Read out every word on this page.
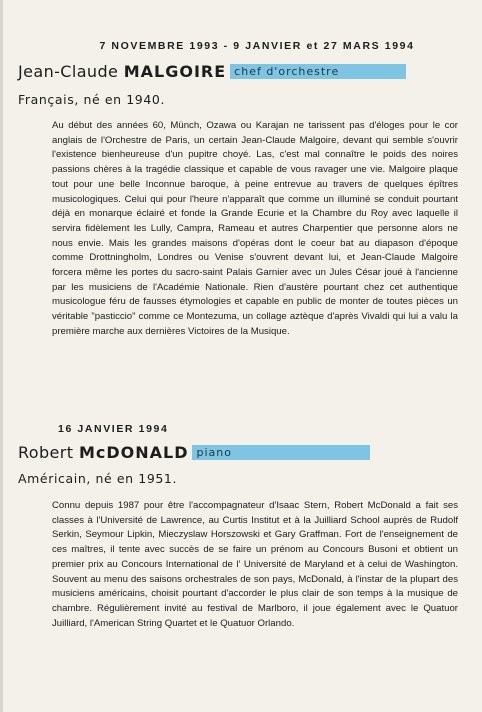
7 NOVEMBRE 1993 - 9 JANVIER et 27 MARS 1994
Jean-Claude MALGOIRE chef d'orchestre
Français, né en 1940.
Au début des années 60, Münch, Ozawa ou Karajan ne tarissent pas d'éloges pour le cor anglais de l'Orchestre de Paris, un certain Jean-Claude Malgoire, devant qui semble s'ouvrir l'existence bienheureuse d'un pupitre choyé. Las, c'est mal connaître le poids des noires passions chères à la tragédie classique et capable de vous ravager une vie. Malgoire plaque tout pour une belle Inconnue baroque, à peine entrevue au travers de quelques épîtres musicologiques. Celui qui pour l'heure n'apparaît que comme un illuminé se conduit pourtant déjà en monarque éclairé et fonde la Grande Ecurie et la Chambre du Roy avec laquelle il servira fidèlement les Lully, Campra, Rameau et autres Charpentier que personne alors ne nous envie. Mais les grandes maisons d'opéras dont le coeur bat au diapason d'époque comme Drottningholm, Londres ou Venise s'ouvrent devant lui, et Jean-Claude Malgoire forcera même les portes du sacro-saint Palais Garnier avec un Jules César joué à l'ancienne par les musiciens de l'Académie Nationale. Rien d'austère pourtant chez cet authentique musicologue féru de fausses étymologies et capable en public de monter de toutes pièces un véritable "pasticcio" comme ce Montezuma, un collage aztèque d'après Vivaldi qui lui a valu la première marche aux dernières Victoires de la Musique.
16 JANVIER 1994
Robert McDONALD piano
Américain, né en 1951.
Connu depuis 1987 pour être l'accompagnateur d'Isaac Stern, Robert McDonald a fait ses classes à l'Université de Lawrence, au Curtis Institut et à la Juilliard School auprès de Rudolf Serkin, Seymour Lipkin, Mieczyslaw Horszowski et Gary Graffman. Fort de l'enseignement de ces maîtres, il tente avec succès de se faire un prénom au Concours Busoni et obtient un premier prix au Concours International de l' Université de Maryland et à celui de Washington. Souvent au menu des saisons orchestrales de son pays, McDonald, à l'instar de la plupart des musiciens américains, choisit pourtant d'accorder le plus clair de son temps à la musique de chambre. Régulièrement invité au festival de Marlboro, il joue également avec le Quatuor Juilliard, l'American String Quartet et le Quatuor Orlando.
